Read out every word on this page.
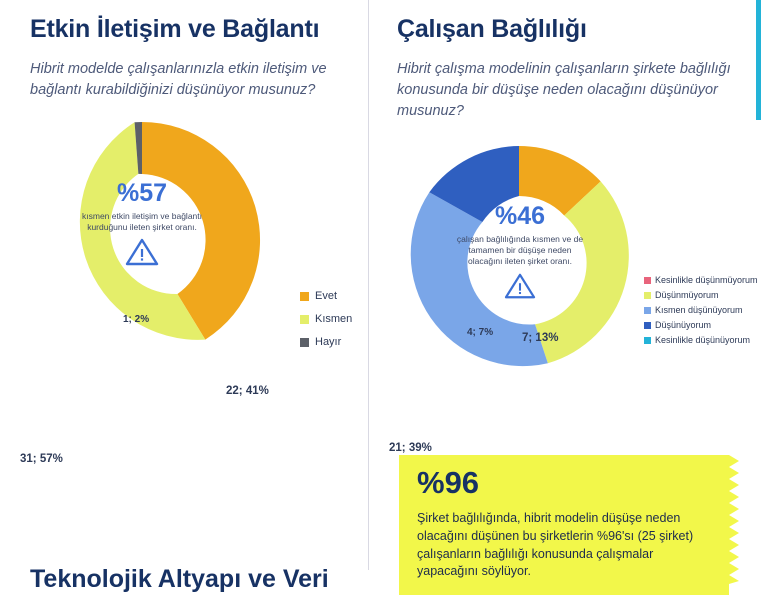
Etkin İletişim ve Bağlantı

Hibrit modelde çalışanlarınızla etkin iletişim ve bağlantı kurabildiğinizi düşünüyor musunuz?

%57
kısmen etkin iletişim ve bağlantı kurduğunu ileten şirket oranı.
22; 41%
31; 57%
1; 2%
Evet
Kısmen
Hayır
Çalışan Bağlılığı

Hibrit çalışma modelinin çalışanların şirkete bağlılığı konusunda bir düşüşe neden olacağını düşünüyor musunuz?

%46
çalışan bağlılığında kısmen ve de tamamen bir düşüşe neden olacağını ileten şirket oranı.
7; 13%
21; 39%
4; 7%
Kesinlikle düşünmüyorum
Düşünmüyorum
Kısmen düşünüyorum
Düşünüyorum
Kesinlikle düşünüyorum
%96
Şirket bağlılığında, hibrit modelin düşüşe neden olacağını düşünen bu şirketlerin %96'sı (25 şirket) çalışanların bağlılığı konusunda çalışmalar yapacağını söylüyor.
Teknolojik Altyapı ve Veri
